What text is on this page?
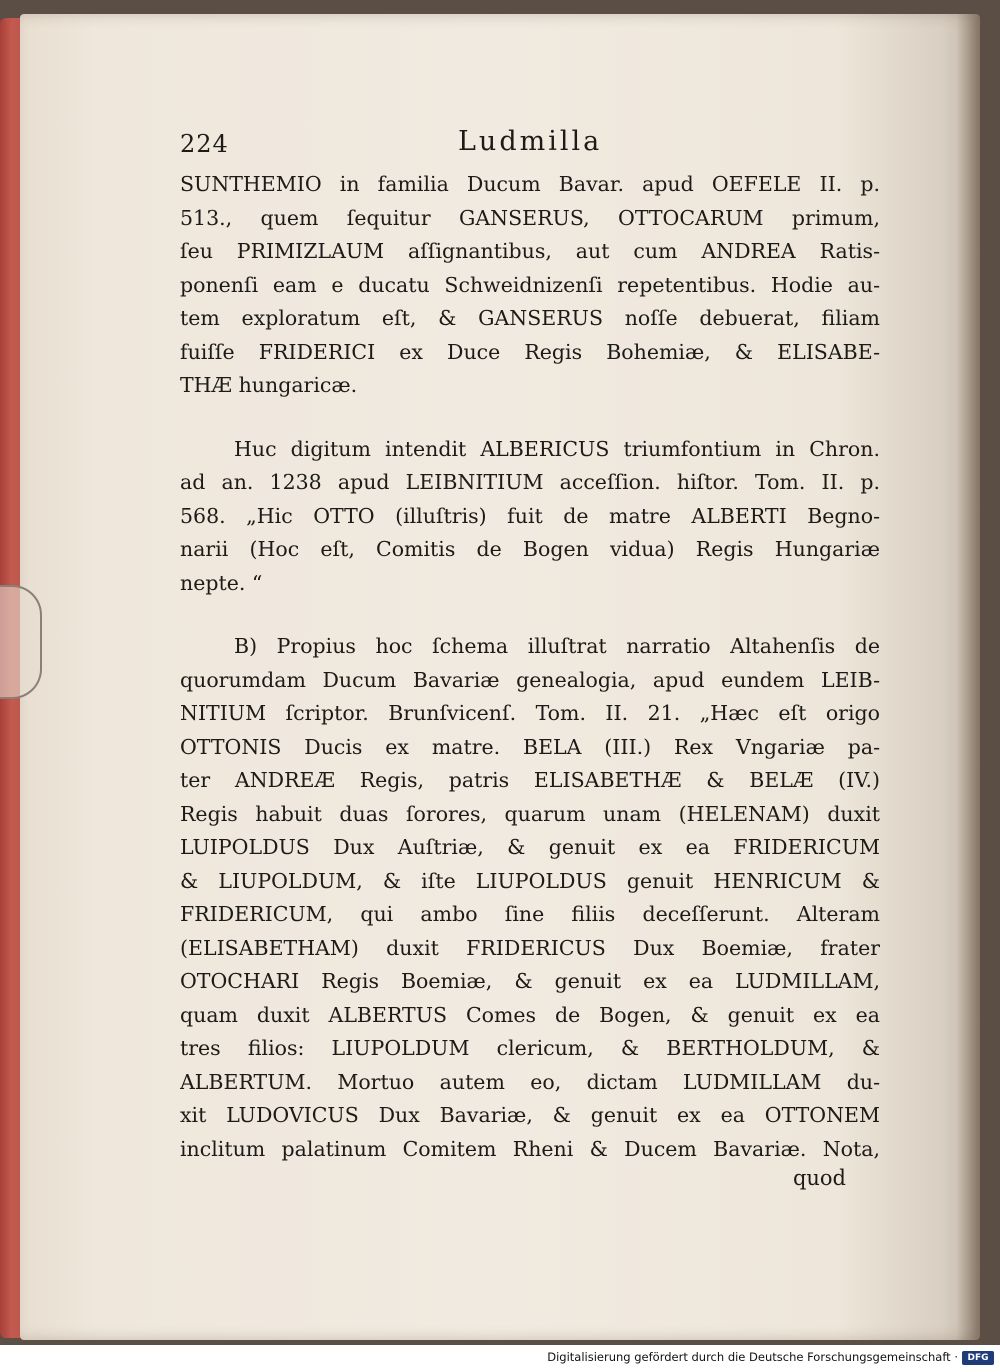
224	Ludmilla

SUNTHEMIO in familia Ducum Bavar. apud OEFELE II. p.
513., quem ſequitur GANSERUS, OTTOCARUM primum,
ſeu PRIMIZLAUM aſſignantibus, aut cum ANDREA Ratis-
ponenſi eam e ducatu Schweidnizenſi repetentibus. Hodie au-
tem exploratum eſt, & GANSERUS noſſe debuerat, filiam
fuiſſe FRIDERICI ex Duce Regis Bohemiæ, & ELISABE-
THÆ hungaricæ.

Huc digitum intendit ALBERICUS triumfontium in Chron.
ad an. 1238 apud LEIBNITIUM acceſſion. hiſtor. Tom. II. p.
568. „Hic OTTO (illuſtris) fuit de matre ALBERTI Begno-
narii (Hoc eſt, Comitis de Bogen vidua) Regis Hungariæ
nepte. “

B) Propius hoc ſchema illuſtrat narratio Altahenſis de
quorumdam Ducum Bavariæ genealogia, apud eundem LEIB-
NITIUM ſcriptor. Brunſvicenſ. Tom. II. 21. „Hæc eſt origo
OTTONIS Ducis ex matre. BELA (III.) Rex Vngariæ pa-
ter ANDREÆ Regis, patris ELISABETHÆ & BELÆ (IV.)
Regis habuit duas ſorores, quarum unam (HELENAM) duxit
LUIPOLDUS Dux Auſtriæ, & genuit ex ea FRIDERICUM
& LIUPOLDUM, & iſte LIUPOLDUS genuit HENRICUM &
FRIDERICUM, qui ambo ſine filiis deceſſerunt. Alteram
(ELISABETHAM) duxit FRIDERICUS Dux Boemiæ, frater
OTOCHARI Regis Boemiæ, & genuit ex ea LUDMILLAM,
quam duxit ALBERTUS Comes de Bogen, & genuit ex ea
tres filios: LIUPOLDUM clericum, & BERTHOLDUM, &
ALBERTUM. Mortuo autem eo, dictam LUDMILLAM du-
xit LUDOVICUS Dux Bavariæ, & genuit ex ea OTTONEM
inclitum palatinum Comitem Rheni & Ducem Bavariæ. Nota,

quod
Digitalisierung gefördert durch die Deutsche Forschungsgemeinschaft ·	DFG
